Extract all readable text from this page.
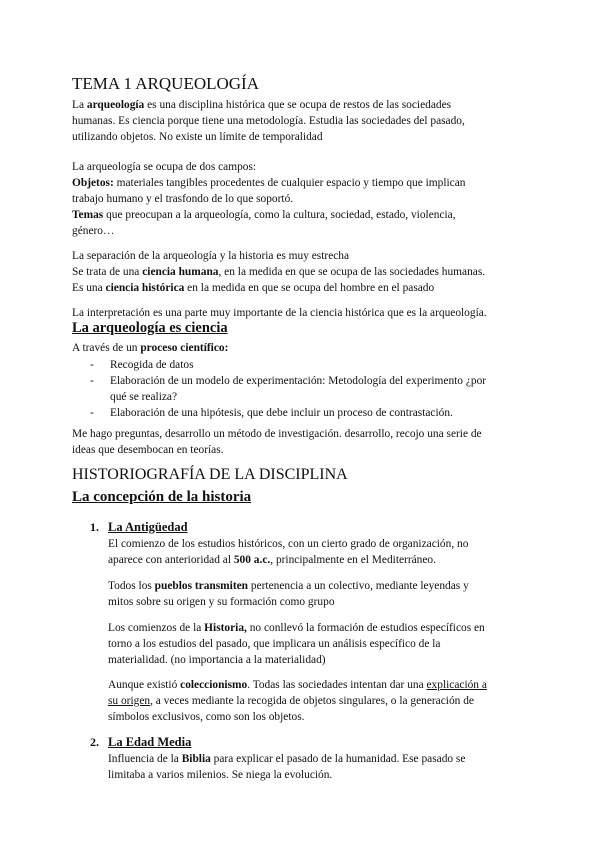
TEMA 1 ARQUEOLOGÍA
La arqueología es una disciplina histórica que se ocupa de restos de las sociedades
humanas. Es ciencia porque tiene una metodología. Estudia las sociedades del pasado,
utilizando objetos. No existe un límite de temporalidad
La arqueología se ocupa de dos campos:
Objetos: materiales tangibles procedentes de cualquier espacio y tiempo que implican
trabajo humano y el trasfondo de lo que soportó.
Temas que preocupan a la arqueología, como la cultura, sociedad, estado, violencia,
género…
La separación de la arqueología y la historia es muy estrecha
Se trata de una ciencia humana, en la medida en que se ocupa de las sociedades humanas.
Es una ciencia histórica en la medida en que se ocupa del hombre en el pasado
La interpretación es una parte muy importante de la ciencia histórica que es la arqueología.
La arqueología es ciencia
A través de un proceso científico:
- Recogida de datos
- Elaboración de un modelo de experimentación: Metodología del experimento ¿por
qué se realiza?
- Elaboración de una hipótesis, que debe incluir un proceso de contrastación.
Me hago preguntas, desarrollo un método de investigación. desarrollo, recojo una serie de
ideas que desembocan en teorías.
HISTORIOGRAFÍA DE LA DISCIPLINA
La concepción de la historia
1. La Antigüedad
El comienzo de los estudios históricos, con un cierto grado de organización, no
aparece con anterioridad al 500 a.c., principalmente en el Mediterráneo.
Todos los pueblos transmiten pertenencia a un colectivo, mediante leyendas y
mitos sobre su origen y su formación como grupo
Los comienzos de la Historia, no conllevó la formación de estudios específicos en
torno a los estudios del pasado, que implicara un análisis específico de la
materialidad. (no importancia a la materialidad)
Aunque existió coleccionismo. Todas las sociedades intentan dar una explicación a
su origen, a veces mediante la recogida de objetos singulares, o la generación de
símbolos exclusivos, como son los objetos.
2. La Edad Media
Influencia de la Biblia para explicar el pasado de la humanidad. Ese pasado se
limitaba a varios milenios. Se niega la evolución.
